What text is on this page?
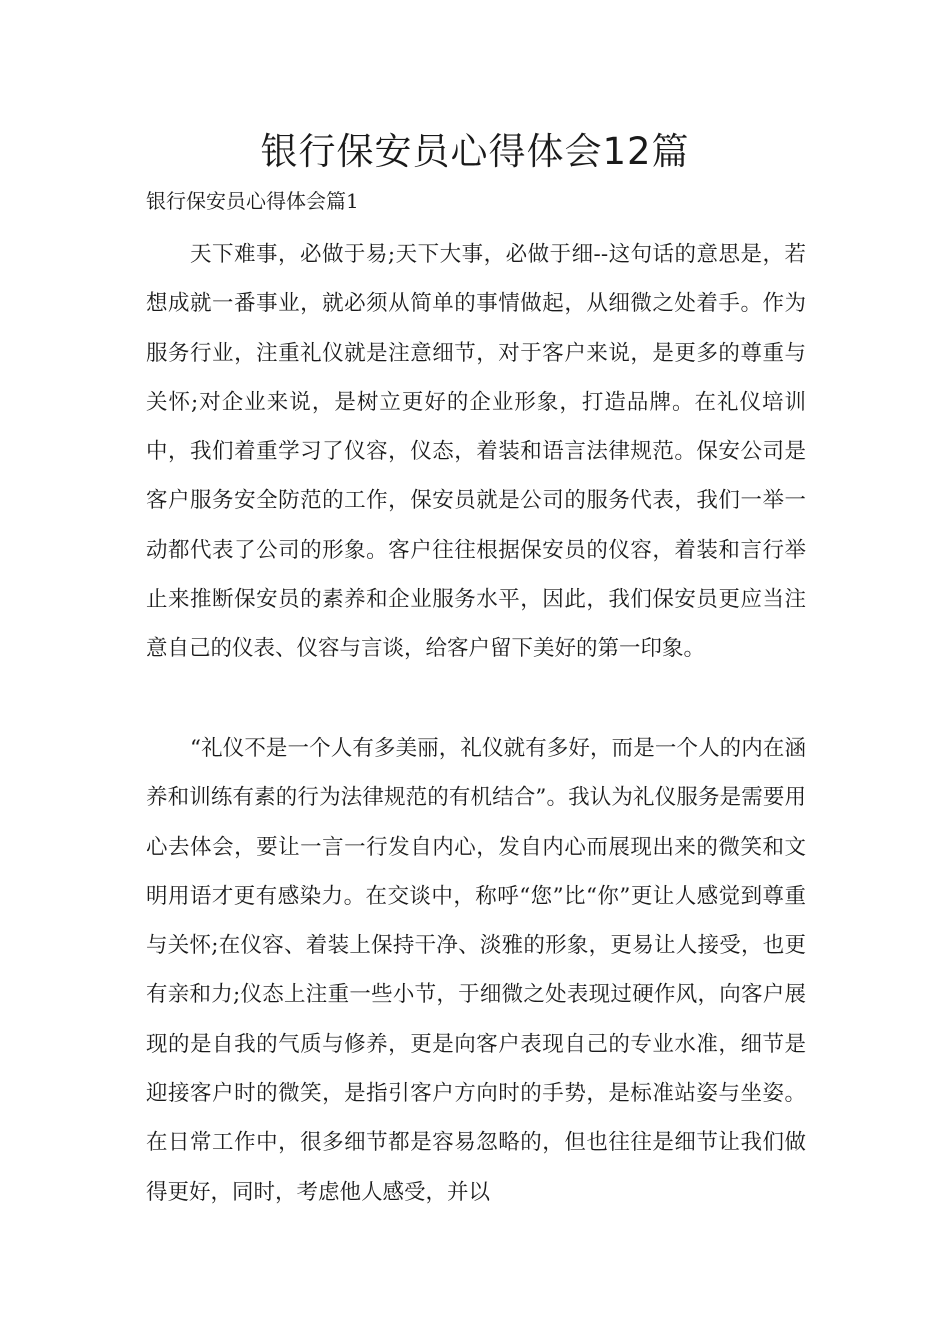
银行保安员心得体会12篇
银行保安员心得体会篇1

天下难事，必做于易;天下大事，必做于细--这句话的意思是，若想成就一番事业，就必须从简单的事情做起，从细微之处着手。作为服务行业，注重礼仪就是注意细节，对于客户来说，是更多的尊重与关怀;对企业来说，是树立更好的企业形象，打造品牌。在礼仪培训中，我们着重学习了仪容，仪态，着装和语言法律规范。保安公司是客户服务安全防范的工作，保安员就是公司的服务代表，我们一举一动都代表了公司的形象。客户往往根据保安员的仪容，着装和言行举止来推断保安员的素养和企业服务水平，因此，我们保安员更应当注意自己的仪表、仪容与言谈，给客户留下美好的第一印象。

“礼仪不是一个人有多美丽，礼仪就有多好，而是一个人的内在涵养和训练有素的行为法律规范的有机结合”。我认为礼仪服务是需要用心去体会，要让一言一行发自内心，发自内心而展现出来的微笑和文明用语才更有感染力。在交谈中，称呼“您”比“你”更让人感觉到尊重与关怀;在仪容、着装上保持干净、淡雅的形象，更易让人接受，也更有亲和力;仪态上注重一些小节，于细微之处表现过硬作风，向客户展现的是自我的气质与修养，更是向客户表现自己的专业水准，细节是迎接客户时的微笑，是指引客户方向时的手势，是标准站姿与坐姿。在日常工作中，很多细节都是容易忽略的，但也往往是细节让我们做得更好，同时，考虑他人感受，并以
